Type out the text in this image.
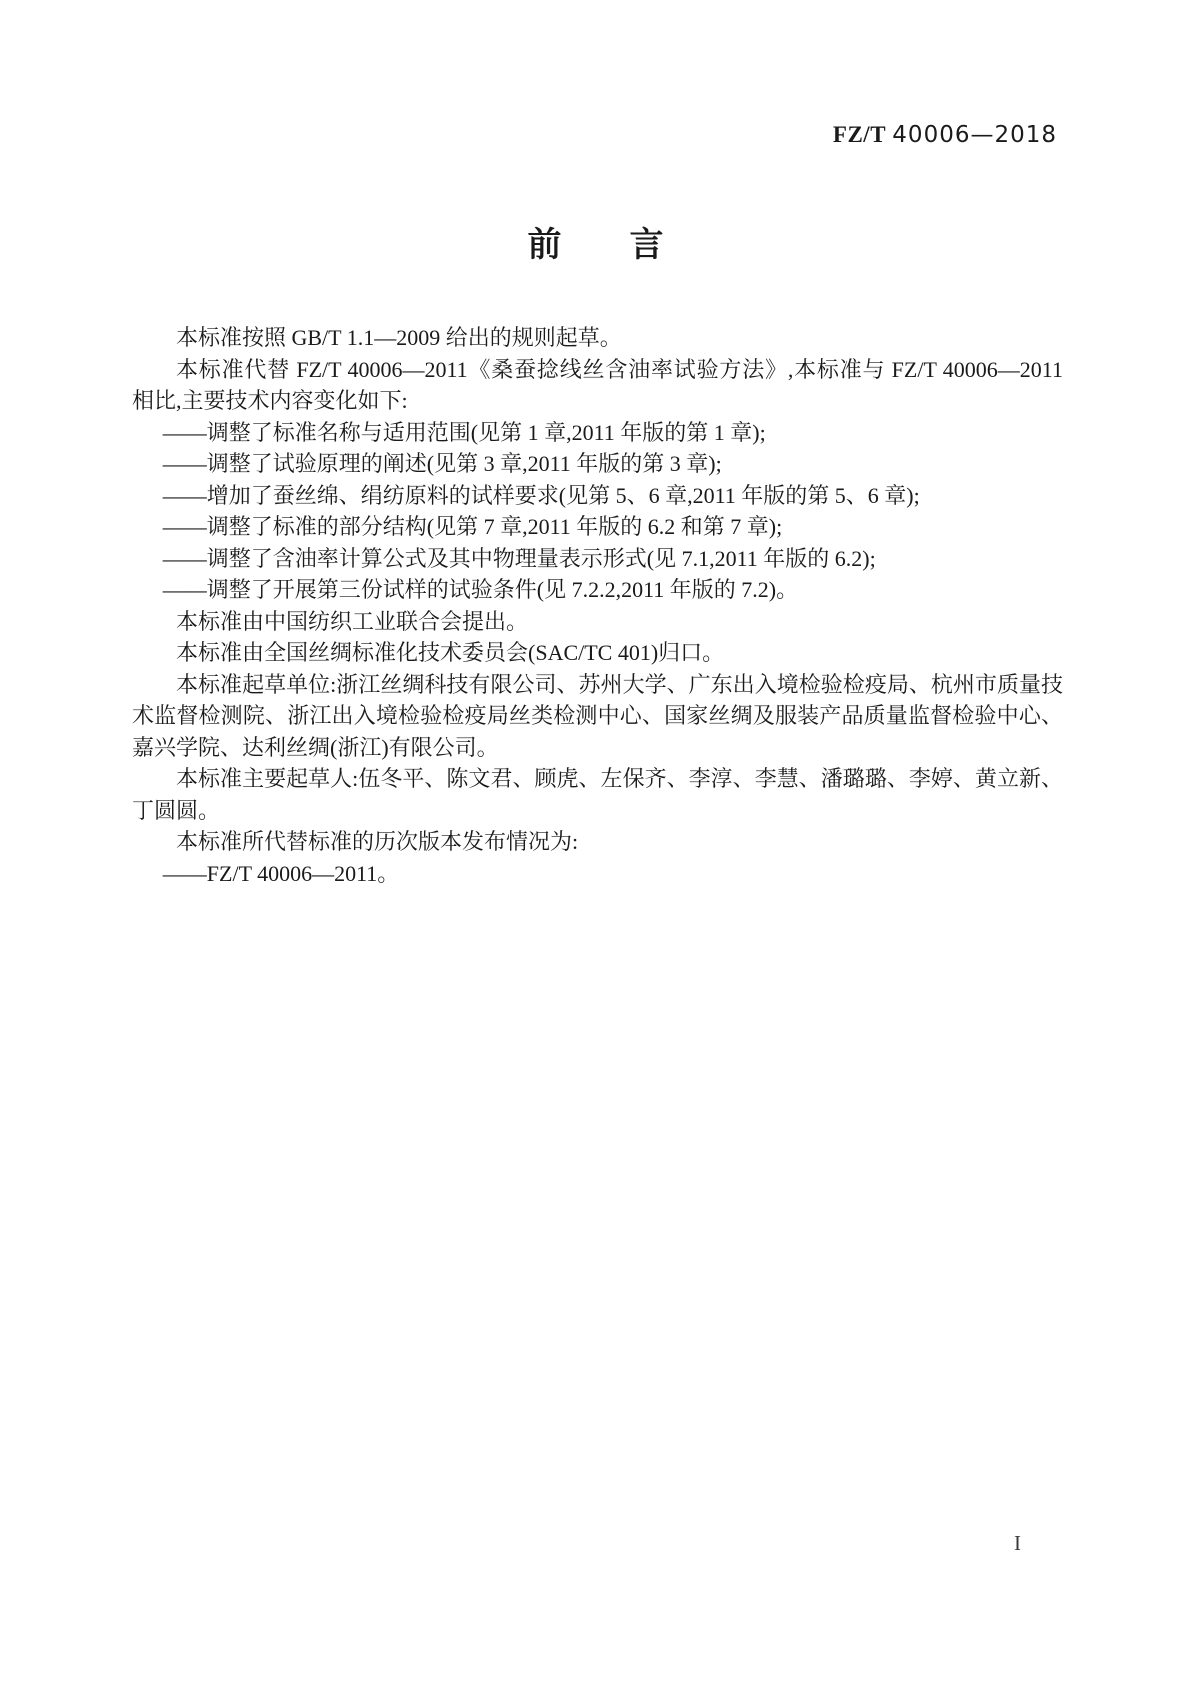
FZ/T 40006—2018
前　　言

本标准按照 GB/T 1.1—2009 给出的规则起草。

本标准代替 FZ/T 40006—2011《桑蚕捻线丝含油率试验方法》,本标准与 FZ/T 40006—2011 相比,主要技术内容变化如下:

——调整了标准名称与适用范围(见第 1 章,2011 年版的第 1 章);

——调整了试验原理的阐述(见第 3 章,2011 年版的第 3 章);

——增加了蚕丝绵、绢纺原料的试样要求(见第 5、6 章,2011 年版的第 5、6 章);

——调整了标准的部分结构(见第 7 章,2011 年版的 6.2 和第 7 章);

——调整了含油率计算公式及其中物理量表示形式(见 7.1,2011 年版的 6.2);

——调整了开展第三份试样的试验条件(见 7.2.2,2011 年版的 7.2)。

本标准由中国纺织工业联合会提出。

本标准由全国丝绸标准化技术委员会(SAC/TC 401)归口。

本标准起草单位:浙江丝绸科技有限公司、苏州大学、广东出入境检验检疫局、杭州市质量技术监督检测院、浙江出入境检验检疫局丝类检测中心、国家丝绸及服装产品质量监督检验中心、嘉兴学院、达利丝绸(浙江)有限公司。

本标准主要起草人:伍冬平、陈文君、顾虎、左保齐、李淳、李慧、潘璐璐、李婷、黄立新、丁圆圆。

本标准所代替标准的历次版本发布情况为:

——FZ/T 40006—2011。

I
